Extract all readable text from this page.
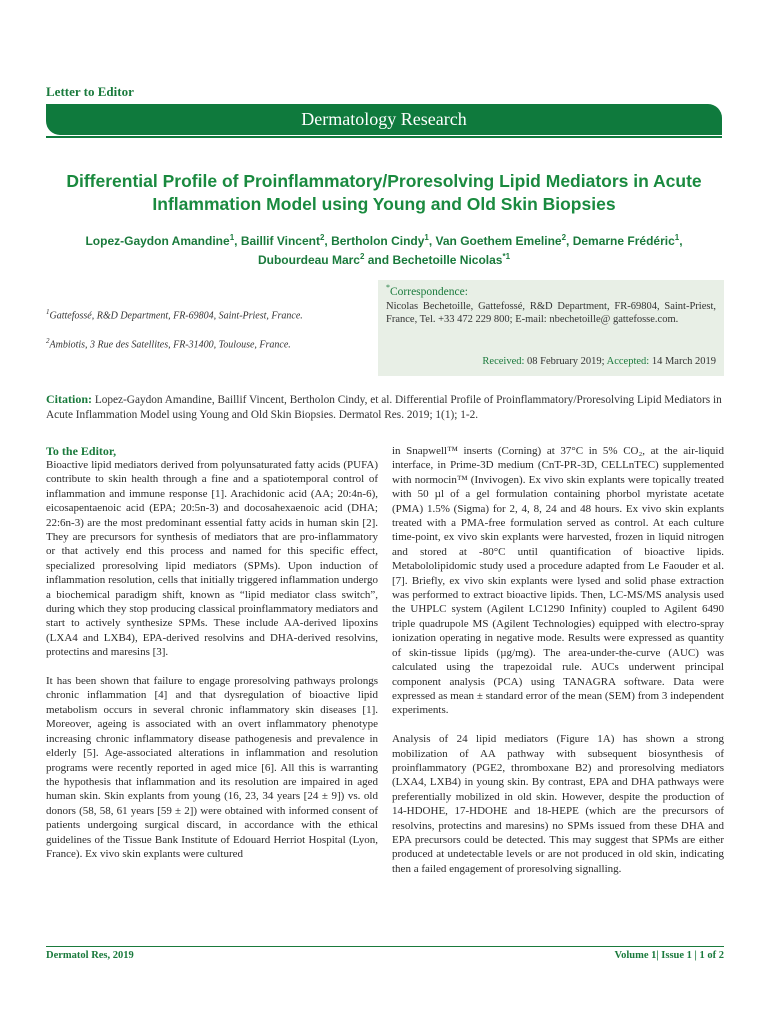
Letter to Editor
Dermatology Research
Differential Profile of Proinflammatory/Proresolving Lipid Mediators in Acute Inflammation Model using Young and Old Skin Biopsies
Lopez-Gaydon Amandine$^1$, Baillif Vincent$^2$, Bertholon Cindy$^1$, Van Goethem Emeline$^2$, Demarne Frédéric$^1$, Dubourdeau Marc$^2$ and Bechetoille Nicolas$^{*1}$
$^1$Gattefossé, R&D Department, FR-69804, Saint-Priest, France.
$^2$Ambiotis, 3 Rue des Satellites, FR-31400, Toulouse, France.
*Correspondence:
Nicolas Bechetoille, Gattefossé, R&D Department, FR-69804, Saint-Priest, France, Tel. +33 472 229 800; E-mail: nbechetoille@ gattefosse.com.
Received: 08 February 2019; Accepted: 14 March 2019
Citation: Lopez-Gaydon Amandine, Baillif Vincent, Bertholon Cindy, et al. Differential Profile of Proinflammatory/Proresolving Lipid Mediators in Acute Inflammation Model using Young and Old Skin Biopsies. Dermatol Res. 2019; 1(1); 1-2.

To the Editor,

Bioactive lipid mediators derived from polyunsaturated fatty acids (PUFA) contribute to skin health through a fine and a spatiotemporal control of inflammation and immune response [1]. Arachidonic acid (AA; 20:4n-6), eicosapentaenoic acid (EPA; 20:5n-3) and docosahexaenoic acid (DHA; 22:6n-3) are the most predominant essential fatty acids in human skin [2]. They are precursors for synthesis of mediators that are pro-inflammatory or that actively end this process and named for this specific effect, specialized proresolving lipid mediators (SPMs). Upon induction of inflammation resolution, cells that initially triggered inflammation undergo a biochemical paradigm shift, known as “lipid mediator class switch”, during which they stop producing classical proinflammatory mediators and start to actively synthesize SPMs. These include AA-derived lipoxins (LXA4 and LXB4), EPA-derived resolvins and DHA-derived resolvins, protectins and maresins [3].

It has been shown that failure to engage proresolving pathways prolongs chronic inflammation [4] and that dysregulation of bioactive lipid metabolism occurs in several chronic inflammatory skin diseases [1]. Moreover, ageing is associated with an overt inflammatory phenotype increasing chronic inflammatory disease pathogenesis and prevalence in elderly [5]. Age-associated alterations in inflammation and resolution programs were recently reported in aged mice [6]. All this is warranting the hypothesis that inflammation and its resolution are impaired in aged human skin. Skin explants from young (16, 23, 34 years [24 ± 9]) vs. old donors (58, 58, 61 years [59 ± 2]) were obtained with informed consent of patients undergoing surgical discard, in accordance with the ethical guidelines of the Tissue Bank Institute of Edouard Herriot Hospital (Lyon, France). Ex vivo skin explants were cultured

in Snapwell™ inserts (Corning) at 37°C in 5% CO₂, at the air-liquid interface, in Prime-3D medium (CnT-PR-3D, CELLnTEC) supplemented with normocin™ (Invivogen). Ex vivo skin explants were topically treated with 50 µl of a gel formulation containing phorbol myristate acetate (PMA) 1.5% (Sigma) for 2, 4, 8, 24 and 48 hours. Ex vivo skin explants treated with a PMA-free formulation served as control. At each culture time-point, ex vivo skin explants were harvested, frozen in liquid nitrogen and stored at -80°C until quantification of bioactive lipids. Metabololipidomic study used a procedure adapted from Le Faouder et al. [7]. Briefly, ex vivo skin explants were lysed and solid phase extraction was performed to extract bioactive lipids. Then, LC-MS/MS analysis used the UHPLC system (Agilent LC1290 Infinity) coupled to Agilent 6490 triple quadrupole MS (Agilent Technologies) equipped with electro-spray ionization operating in negative mode. Results were expressed as quantity of skin-tissue lipids (µg/mg). The area-under-the-curve (AUC) was calculated using the trapezoidal rule. AUCs underwent principal component analysis (PCA) using TANAGRA software. Data were expressed as mean ± standard error of the mean (SEM) from 3 independent experiments.

Analysis of 24 lipid mediators (Figure 1A) has shown a strong mobilization of AA pathway with subsequent biosynthesis of proinflammatory (PGE2, thromboxane B2) and proresolving mediators (LXA4, LXB4) in young skin. By contrast, EPA and DHA pathways were preferentially mobilized in old skin. However, despite the production of 14-HDOHE, 17-HDOHE and 18-HEPE (which are the precursors of resolvins, protectins and maresins) no SPMs issued from these DHA and EPA precursors could be detected. This may suggest that SPMs are either produced at undetectable levels or are not produced in old skin, indicating then a failed engagement of proresolving signalling.

Dermatol Res, 2019	Volume 1| Issue 1 | 1 of 2
